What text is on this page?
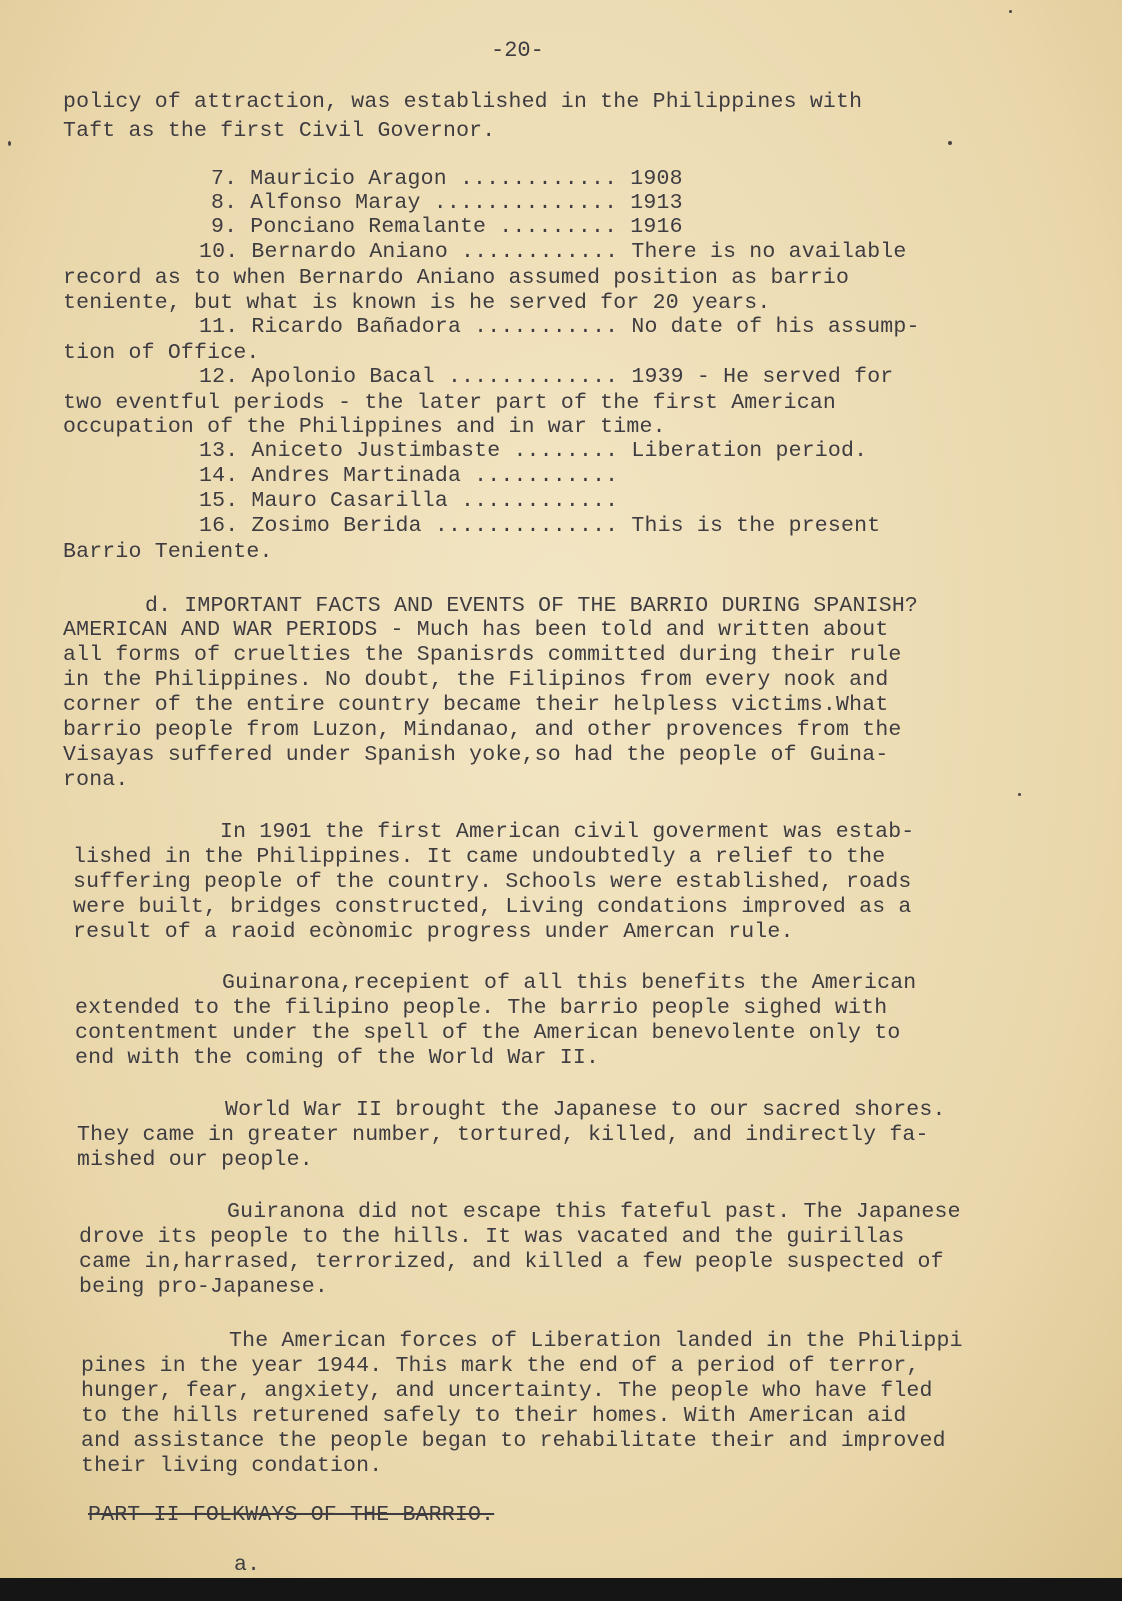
-20-
policy of attraction, was established in the Philippines with
Taft as the first Civil Governor.
7. Mauricio Aragon ............ 1908
8. Alfonso Maray .............. 1913
9. Ponciano Remalante ......... 1916
10. Bernardo Aniano ............ There is no available
record as to when Bernardo Aniano assumed position as barrio
teniente, but what is known is he served for 20 years.
11. Ricardo Bañadora ........... No date of his assump-
tion of Office.
12. Apolonio Bacal ............. 1939 - He served for
two eventful periods - the later part of the first American
occupation of the Philippines and in war time.
13. Aniceto Justimbaste ........ Liberation period.
14. Andres Martinada ...........
15. Mauro Casarilla ............
16. Zosimo Berida .............. This is the present
Barrio Teniente.
d. IMPORTANT FACTS AND EVENTS OF THE BARRIO DURING SPANISH?
AMERICAN AND WAR PERIODS - Much has been told and written about
all forms of cruelties the Spanisrds committed during their rule
in the Philippines. No doubt, the Filipinos from every nook and
corner of the entire country became their helpless victims.What
barrio people from Luzon, Mindanao, and other provences from the
Visayas suffered under Spanish yoke,so had the people of Guina-
rona.
In 1901 the first American civil goverment was estab-
lished in the Philippines. It came undoubtedly a relief to the
suffering people of the country. Schools were established, roads
were built, bridges constructed, Living condations improved as a
result of a raoid ecònomic progress under Amercan rule.
Guinarona,recepient of all this benefits the American
extended to the filipino people. The barrio people sighed with
contentment under the spell of the American benevolente only to
end with the coming of the World War II.
World War II brought the Japanese to our sacred shores.
They came in greater number, tortured, killed, and indirectly fa-
mished our people.
Guiranona did not escape this fateful past. The Japanese
drove its people to the hills. It was vacated and the guirillas
came in,harrased, terrorized, and killed a few people suspected of
being pro-Japanese.
The American forces of Liberation landed in the Philippi
pines in the year 1944. This mark the end of a period of terror,
hunger, fear, angxiety, and uncertainty. The people who have fled
to the hills returened safely to their homes. With American aid
and assistance the people began to rehabilitate their and improved
their living condation.
PART II FOLKWAYS OF THE BARRIO.
a.
